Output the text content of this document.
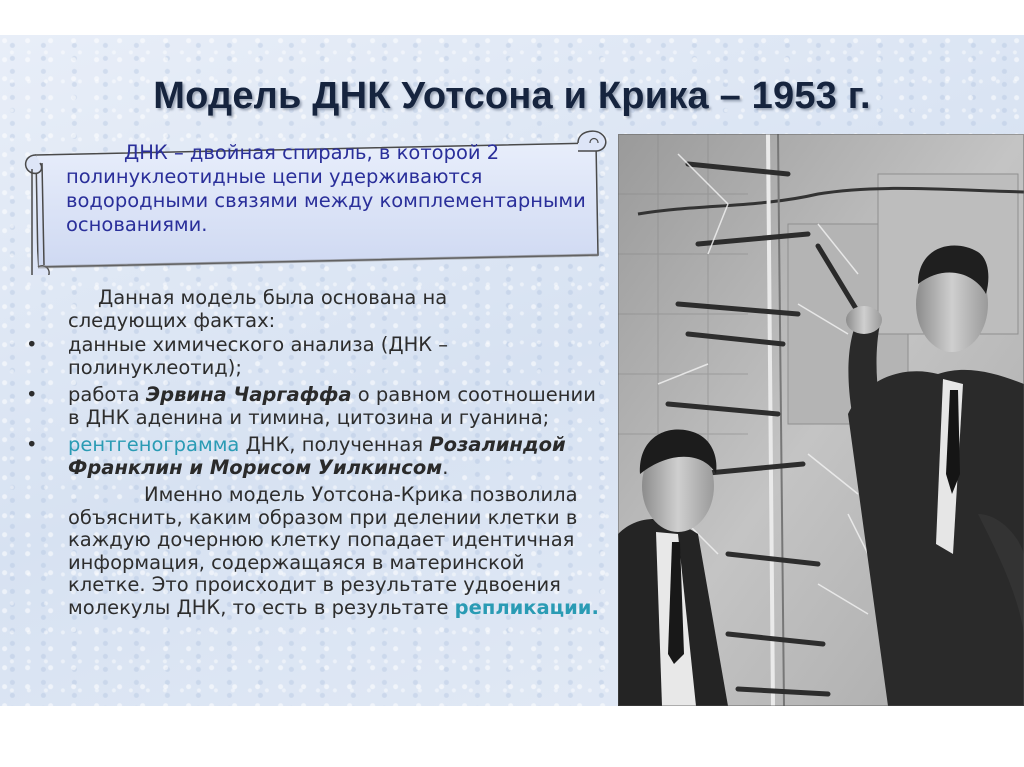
Модель ДНК Уотсона и Крика – 1953 г.

ДНК – двойная спираль, в которой 2 полинуклеотидные цепи удерживаются водородными связями между комплементарными основаниями.

Данная модель была основана на

следующих фактах:

• данные химического анализа (ДНК – полинуклеотид);
• работа Эрвина Чаргаффа о равном соотношении в ДНК аденина и тимина, цитозина и гуанина;
• рентгенограмма ДНК, полученная Розалиндой Франклин и Морисом Уилкинсом.

Именно модель Уотсона-Крика позволила объяснить, каким образом при делении клетки в каждую дочернюю клетку попадает идентичная информация, содержащаяся в материнской клетке. Это происходит в результате удвоения молекулы ДНК, то есть в результате репликации.
